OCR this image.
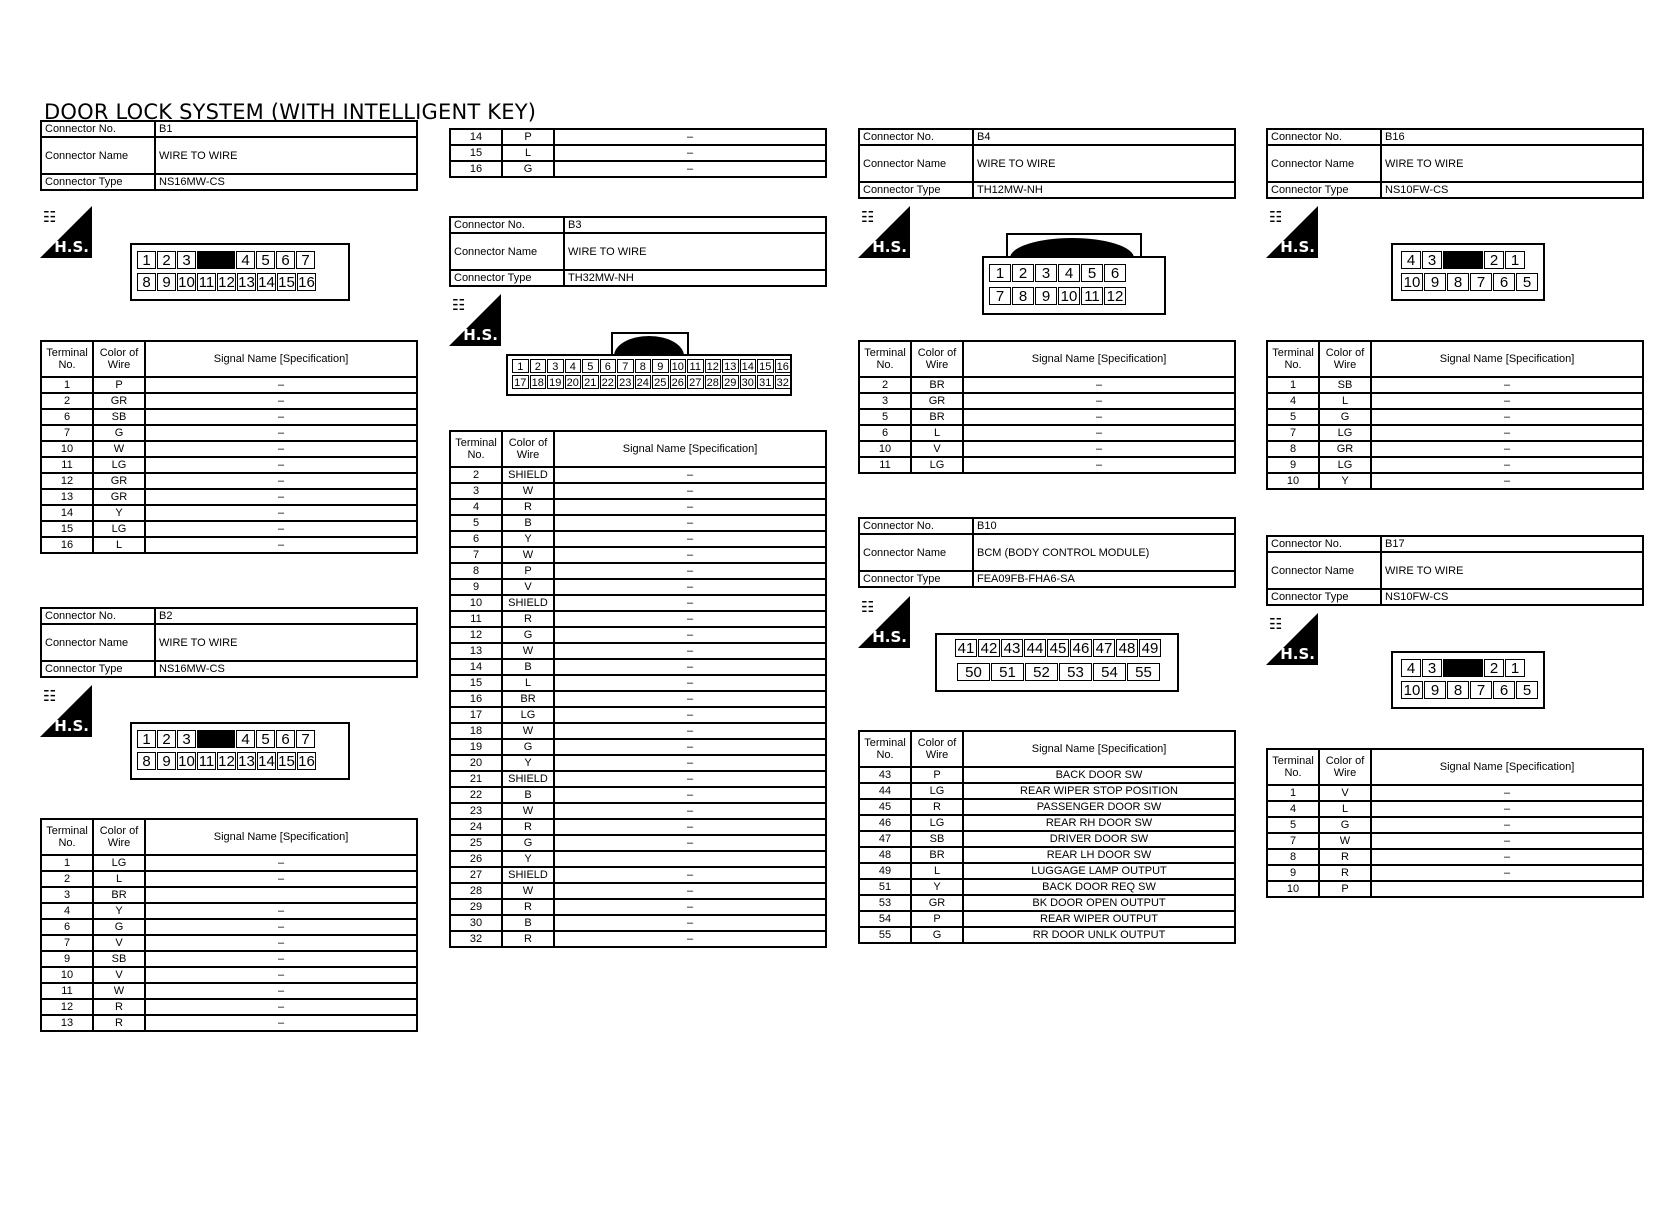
DOOR LOCK SYSTEM (WITH INTELLIGENT KEY)
Connector No.	B1
Connector Name	WIRE TO WIRE
Connector Type	NS16MW-CS
☷
H.S.
1 2 3	4 5 6 7
8 9 10 11 12 13 14 15 16
Terminal No.	Color of Wire	Signal Name [Specification]
1	P	–
2	GR	–
6	SB	–
7	G	–
10	W	–
11	LG	–
12	GR	–
13	GR	–
14	Y	–
15	LG	–
16	L	–
Connector No.	B2
Connector Name	WIRE TO WIRE
Connector Type	NS16MW-CS
☷
H.S.
1 2 3	4 5 6 7
8 9 10 11 12 13 14 15 16
Terminal No.	Color of Wire	Signal Name [Specification]
1	LG	–
2	L	–
3	BR	
4	Y	–
6	G	–
7	V	–
9	SB	–
10	V	–
11	W	–
12	R	–
13	R	–
14	P	–
15	L	–
16	G	–
Connector No.	B3
Connector Name	WIRE TO WIRE
Connector Type	TH32MW-NH
☷
H.S.
1	2	3	4	5	6	7	8	9 10 11 12 13 14 15 16
17 18 19 20 21 22 23 24 25 26 27 28 29 30 31 32
Terminal No.	Color of Wire	Signal Name [Specification]
2	SHIELD	–
3	W	–
4	R	–
5	B	–
6	Y	–
7	W	–
8	P	–
9	V	–
10	SHIELD	–
11	R	–
12	G	–
13	W	–
14	B	–
15	L	–
16	BR	–
17	LG	–
18	W	–
19	G	–
20	Y	–
21	SHIELD	–
22	B	–
23	W	–
24	R	–
25	G	–
26	Y	
27	SHIELD	–
28	W	–
29	R	–
30	B	–
32	R	–
Connector No.	B4
Connector Name	WIRE TO WIRE
Connector Type	TH12MW-NH
☷
H.S.
1 2 3 4 5 6
7 8 9 10 11 12
Terminal No.	Color of Wire	Signal Name [Specification]
2	BR	–
3	GR	–
5	BR	–
6	L	–
10	V	–
11	LG	–
Connector No.	B10
Connector Name	BCM (BODY CONTROL MODULE)
Connector Type	FEA09FB-FHA6-SA
☷
H.S.
41 42 43 44 45 46 47 48 49
50	51	52	53	54	55
Terminal No.	Color of Wire	Signal Name [Specification]
43	P	BACK DOOR SW
44	LG	REAR WIPER STOP POSITION
45	R	PASSENGER DOOR SW
46	LG	REAR RH DOOR SW
47	SB	DRIVER DOOR SW
48	BR	REAR LH DOOR SW
49	L	LUGGAGE LAMP OUTPUT
51	Y	BACK DOOR REQ SW
53	GR	BK DOOR OPEN OUTPUT
54	P	REAR WIPER OUTPUT
55	G	RR DOOR UNLK OUTPUT
Connector No.	B16
Connector Name	WIRE TO WIRE
Connector Type	NS10FW-CS
☷
H.S.
4 3	2 1
10 9 8 7 6 5
Terminal No.	Color of Wire	Signal Name [Specification]
1	SB	–
4	L	–
5	G	–
7	LG	–
8	GR	–
9	LG	–
10	Y	–
Connector No.	B17
Connector Name	WIRE TO WIRE
Connector Type	NS10FW-CS
☷
H.S.
4 3	2 1
10 9 8 7 6 5
Terminal No.	Color of Wire	Signal Name [Specification]
1	V	–
4	L	–
5	G	–
7	W	–
8	R	–
9	R	–
10	P	
